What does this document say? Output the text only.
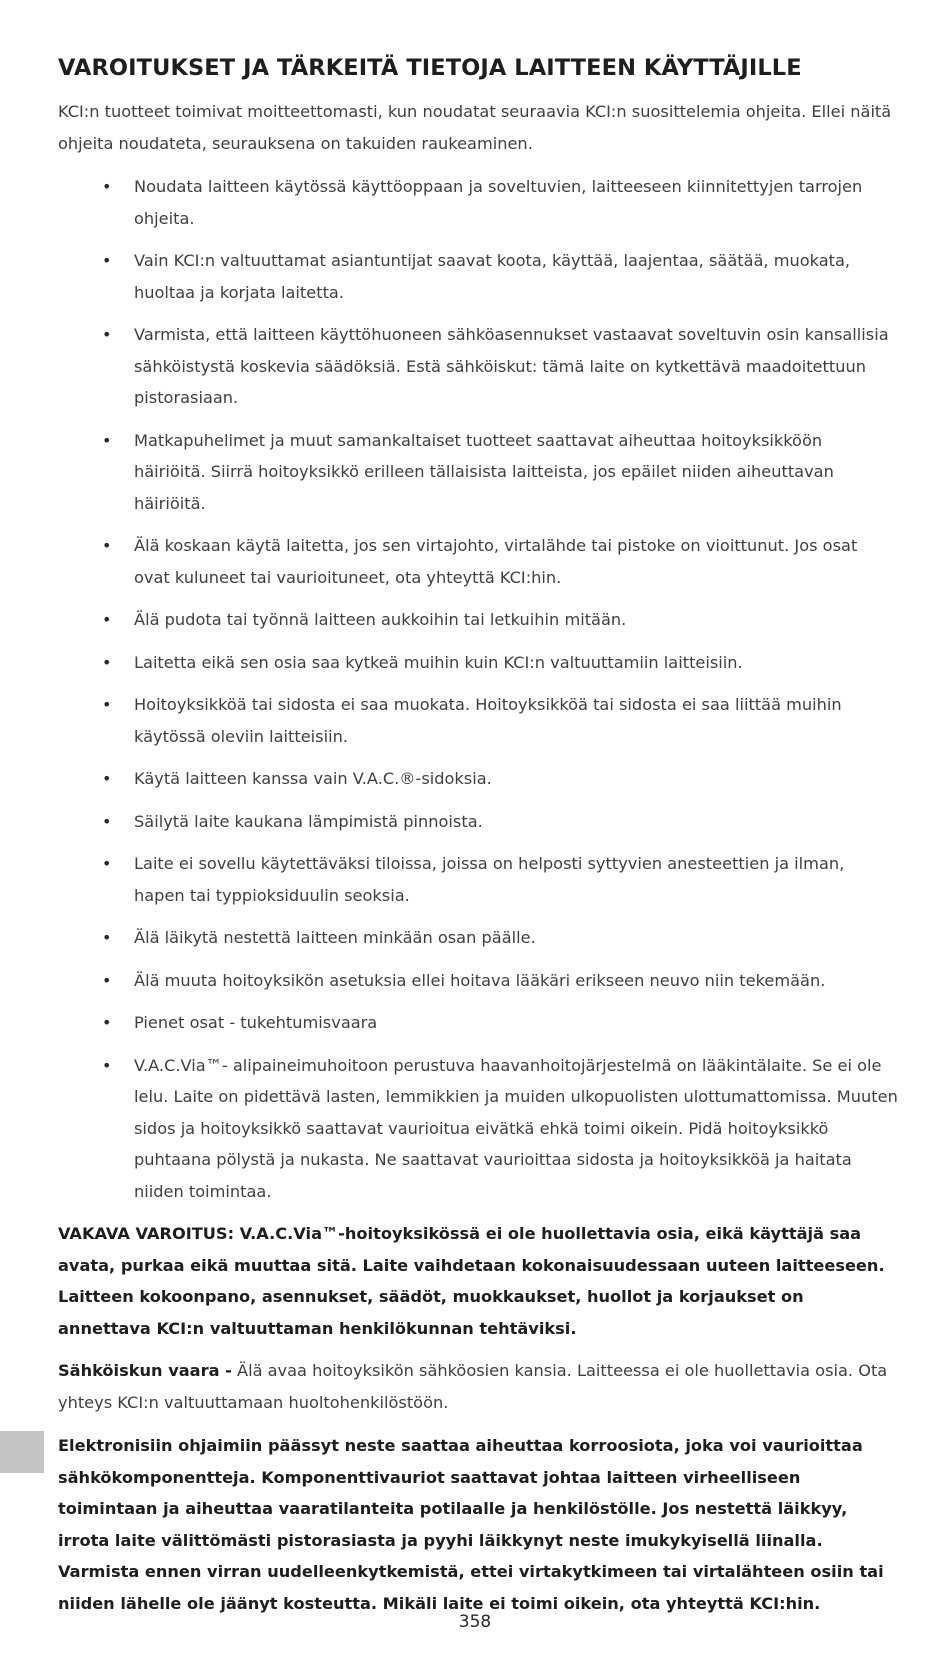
VAROITUKSET JA TÄRKEITÄ TIETOJA LAITTEEN KÄYTTÄJILLE

KCI:n tuotteet toimivat moitteettomasti, kun noudatat seuraavia KCI:n suosittelemia ohjeita. Ellei näitä ohjeita noudateta, seurauksena on takuiden raukeaminen.

• Noudata laitteen käytössä käyttöoppaan ja soveltuvien, laitteeseen kiinnitettyjen tarrojen ohjeita.
• Vain KCI:n valtuuttamat asiantuntijat saavat koota, käyttää, laajentaa, säätää, muokata, huoltaa ja korjata laitetta.
• Varmista, että laitteen käyttöhuoneen sähköasennukset vastaavat soveltuvin osin kansallisia sähköistystä koskevia säädöksiä. Estä sähköiskut: tämä laite on kytkettävä maadoitettuun pistorasiaan.
• Matkapuhelimet ja muut samankaltaiset tuotteet saattavat aiheuttaa hoitoyksikköön häiriöitä. Siirrä hoitoyksikkö erilleen tällaisista laitteista, jos epäilet niiden aiheuttavan häiriöitä.
• Älä koskaan käytä laitetta, jos sen virtajohto, virtalähde tai pistoke on vioittunut. Jos osat ovat kuluneet tai vaurioituneet, ota yhteyttä KCI:hin.
• Älä pudota tai työnnä laitteen aukkoihin tai letkuihin mitään.
• Laitetta eikä sen osia saa kytkeä muihin kuin KCI:n valtuuttamiin laitteisiin.
• Hoitoyksikköä tai sidosta ei saa muokata. Hoitoyksikköä tai sidosta ei saa liittää muihin käytössä oleviin laitteisiin.
• Käytä laitteen kanssa vain V.A.C.®-sidoksia.
• Säilytä laite kaukana lämpimistä pinnoista.
• Laite ei sovellu käytettäväksi tiloissa, joissa on helposti syttyvien anesteettien ja ilman, hapen tai typpioksiduulin seoksia.
• Älä läikytä nestettä laitteen minkään osan päälle.
• Älä muuta hoitoyksikön asetuksia ellei hoitava lääkäri erikseen neuvo niin tekemään.
• Pienet osat - tukehtumisvaara
• V.A.C.Via™- alipaineimuhoitoon perustuva haavanhoitojärjestelmä on lääkintälaite. Se ei ole lelu. Laite on pidettävä lasten, lemmikkien ja muiden ulkopuolisten ulottumattomissa. Muuten sidos ja hoitoyksikkö saattavat vaurioitua eivätkä ehkä toimi oikein. Pidä hoitoyksikkö puhtaana pölystä ja nukasta. Ne saattavat vaurioittaa sidosta ja hoitoyksikköä ja haitata niiden toimintaa.

VAKAVA VAROITUS: V.A.C.Via™-hoitoyksikössä ei ole huollettavia osia, eikä käyttäjä saa avata, purkaa eikä muuttaa sitä. Laite vaihdetaan kokonaisuudessaan uuteen laitteeseen. Laitteen kokoonpano, asennukset, säädöt, muokkaukset, huollot ja korjaukset on annettava KCI:n valtuuttaman henkilökunnan tehtäviksi.

Sähköiskun vaara - Älä avaa hoitoyksikön sähköosien kansia. Laitteessa ei ole huollettavia osia. Ota yhteys KCI:n valtuuttamaan huoltohenkilöstöön.

Elektronisiin ohjaimiin päässyt neste saattaa aiheuttaa korroosiota, joka voi vaurioittaa sähkökomponentteja. Komponenttivauriot saattavat johtaa laitteen virheelliseen toimintaan ja aiheuttaa vaaratilanteita potilaalle ja henkilöstölle. Jos nestettä läikkyy, irrota laite välittömästi pistorasiasta ja pyyhi läikkynyt neste imukykyisellä liinalla. Varmista ennen virran uudelleenkytkemistä, ettei virtakytkimeen tai virtalähteen osiin tai niiden lähelle ole jäänyt kosteutta. Mikäli laite ei toimi oikein, ota yhteyttä KCI:hin.

358
